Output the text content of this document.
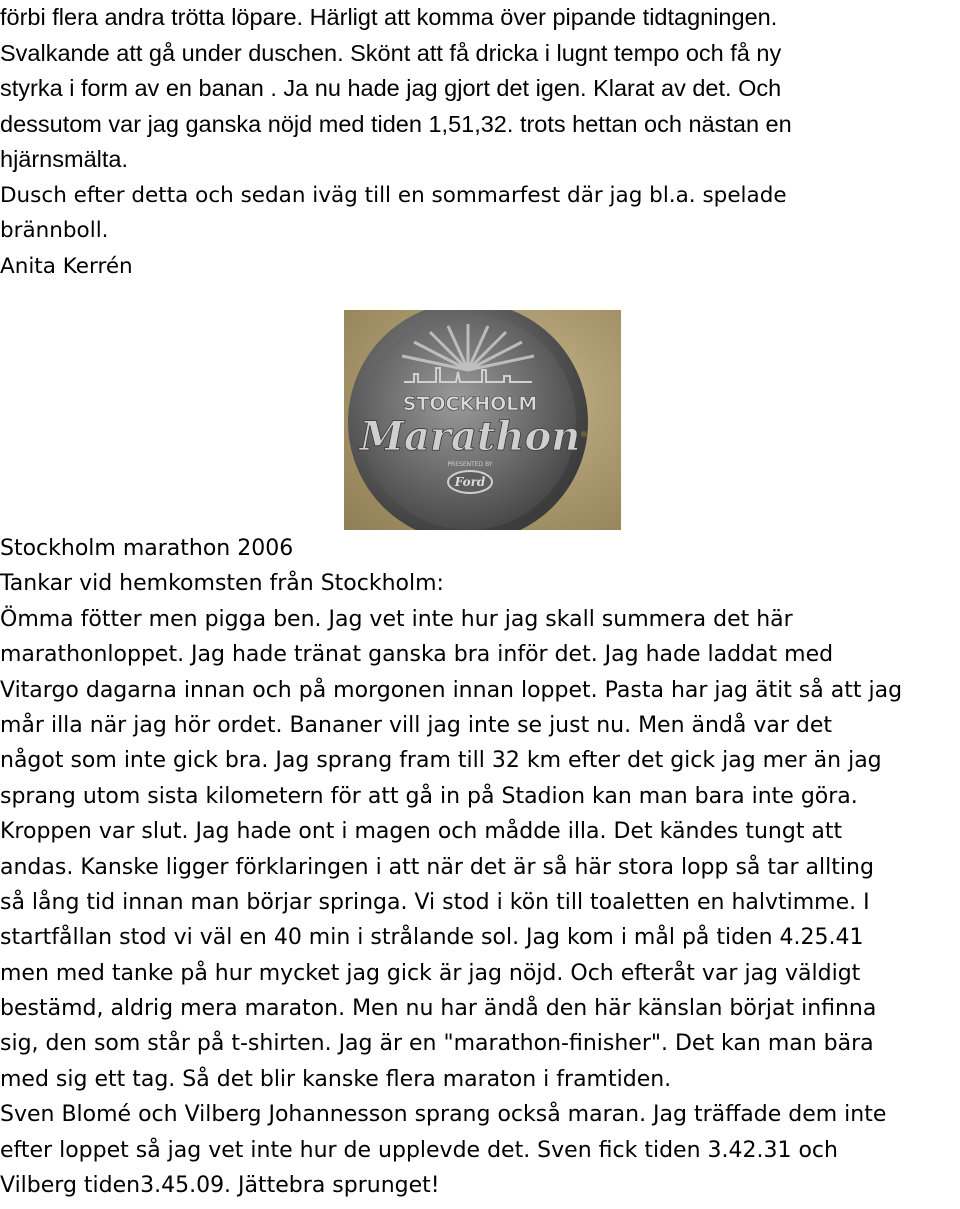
förbi flera andra trötta löpare. Härligt att komma över pipande tidtagningen.
Svalkande att gå under duschen. Skönt att få dricka i lugnt tempo och få ny
styrka i form av en banan . Ja nu hade jag gjort det igen. Klarat av det. Och
dessutom var jag ganska nöjd med tiden 1,51,32. trots hettan och nästan en
hjärnsmälta.
Dusch efter detta och sedan iväg till en sommarfest där jag bl.a. spelade
brännboll.
Anita Kerrén
STOCKHOLM
Marathon
PRESENTED BY
Ford
Stockholm marathon 2006
Tankar vid hemkomsten från Stockholm:
Ömma fötter men pigga ben. Jag vet inte hur jag skall summera det här
marathonloppet. Jag hade tränat ganska bra inför det. Jag hade laddat med
Vitargo dagarna innan och på morgonen innan loppet. Pasta har jag ätit så att jag
mår illa när jag hör ordet. Bananer vill jag inte se just nu. Men ändå var det
något som inte gick bra. Jag sprang fram till 32 km efter det gick jag mer än jag
sprang utom sista kilometern för att gå in på Stadion kan man bara inte göra.
Kroppen var slut. Jag hade ont i magen och mådde illa. Det kändes tungt att
andas. Kanske ligger förklaringen i att när det är så här stora lopp så tar allting
så lång tid innan man börjar springa. Vi stod i kön till toaletten en halvtimme. I
startfållan stod vi väl en 40 min i strålande sol. Jag kom i mål på tiden 4.25.41
men med tanke på hur mycket jag gick är jag nöjd. Och efteråt var jag väldigt
bestämd, aldrig mera maraton. Men nu har ändå den här känslan börjat infinna
sig, den som står på t-shirten. Jag är en "marathon-finisher". Det kan man bära
med sig ett tag. Så det blir kanske flera maraton i framtiden.
Sven Blomé och Vilberg Johannesson sprang också maran. Jag träffade dem inte
efter loppet så jag vet inte hur de upplevde det. Sven fick tiden 3.42.31 och
Vilberg tiden3.45.09. Jättebra sprunget!
